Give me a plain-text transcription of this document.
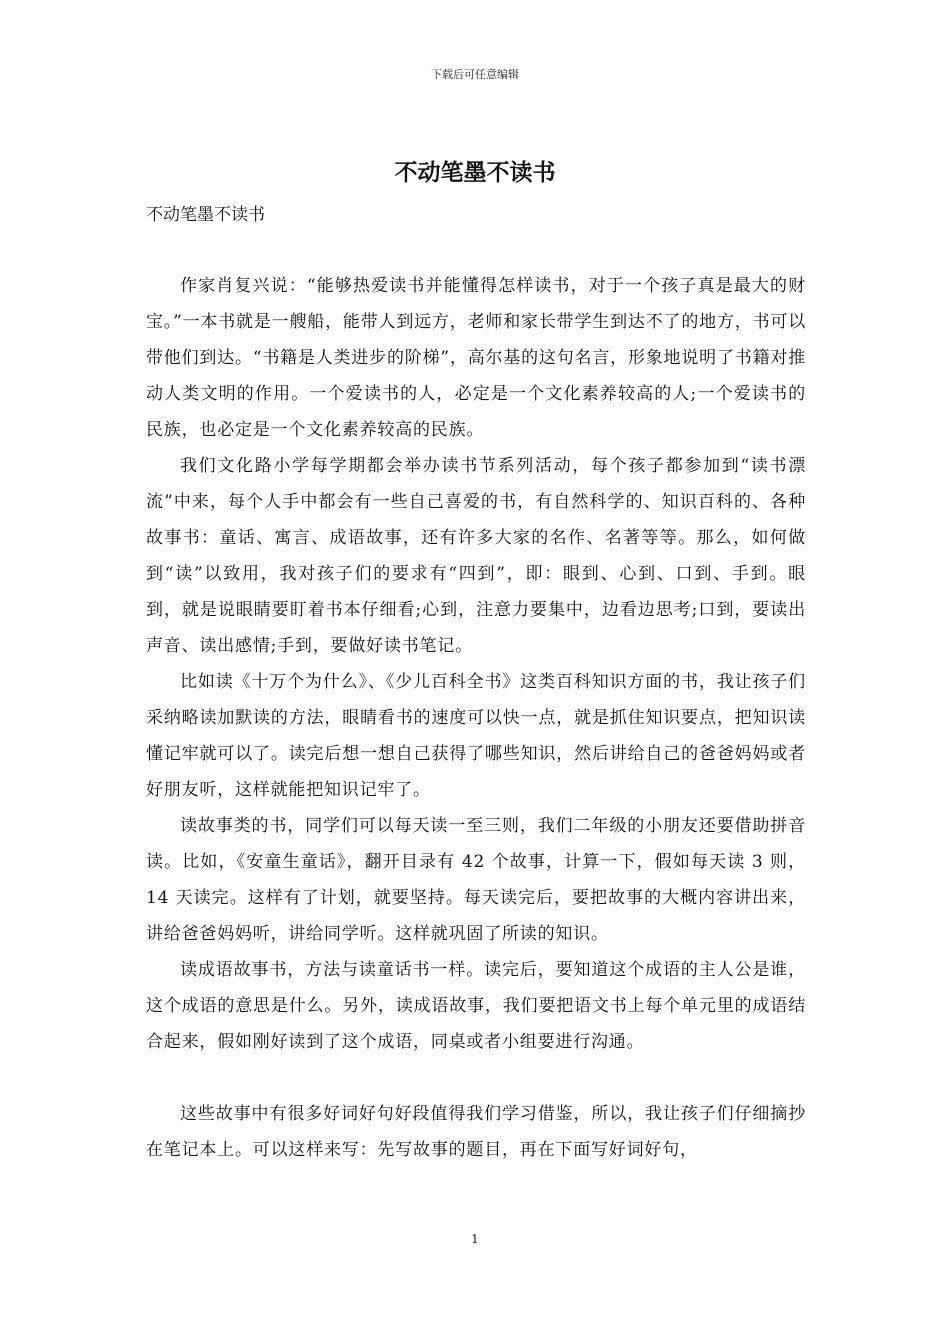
下载后可任意编辑
不动笔墨不读书
不动笔墨不读书

作家肖复兴说：“能够热爱读书并能懂得怎样读书，对于一个孩子真是最大的财宝。”一本书就是一艘船，能带人到远方，老师和家长带学生到达不了的地方，书可以带他们到达。“书籍是人类进步的阶梯”，高尔基的这句名言，形象地说明了书籍对推动人类文明的作用。一个爱读书的人，必定是一个文化素养较高的人;一个爱读书的民族，也必定是一个文化素养较高的民族。

我们文化路小学每学期都会举办读书节系列活动，每个孩子都参加到“读书漂流”中来，每个人手中都会有一些自己喜爱的书，有自然科学的、知识百科的、各种故事书：童话、寓言、成语故事，还有许多大家的名作、名著等等。那么，如何做到“读”以致用，我对孩子们的要求有“四到”，即：眼到、心到、口到、手到。眼到，就是说眼睛要盯着书本仔细看;心到，注意力要集中，边看边思考;口到，要读出声音、读出感情;手到，要做好读书笔记。

比如读《十万个为什么》、《少儿百科全书》这类百科知识方面的书，我让孩子们采纳略读加默读的方法，眼睛看书的速度可以快一点，就是抓住知识要点，把知识读懂记牢就可以了。读完后想一想自己获得了哪些知识，然后讲给自己的爸爸妈妈或者好朋友听，这样就能把知识记牢了。

读故事类的书，同学们可以每天读一至三则，我们二年级的小朋友还要借助拼音读。比如，《安童生童话》，翻开目录有 42 个故事，计算一下，假如每天读 3 则，14 天读完。这样有了计划，就要坚持。每天读完后，要把故事的大概内容讲出来，讲给爸爸妈妈听，讲给同学听。这样就巩固了所读的知识。

读成语故事书，方法与读童话书一样。读完后，要知道这个成语的主人公是谁，这个成语的意思是什么。另外，读成语故事，我们要把语文书上每个单元里的成语结合起来，假如刚好读到了这个成语，同桌或者小组要进行沟通。

这些故事中有很多好词好句好段值得我们学习借鉴，所以，我让孩子们仔细摘抄在笔记本上。可以这样来写：先写故事的题目，再在下面写好词好句，

1
